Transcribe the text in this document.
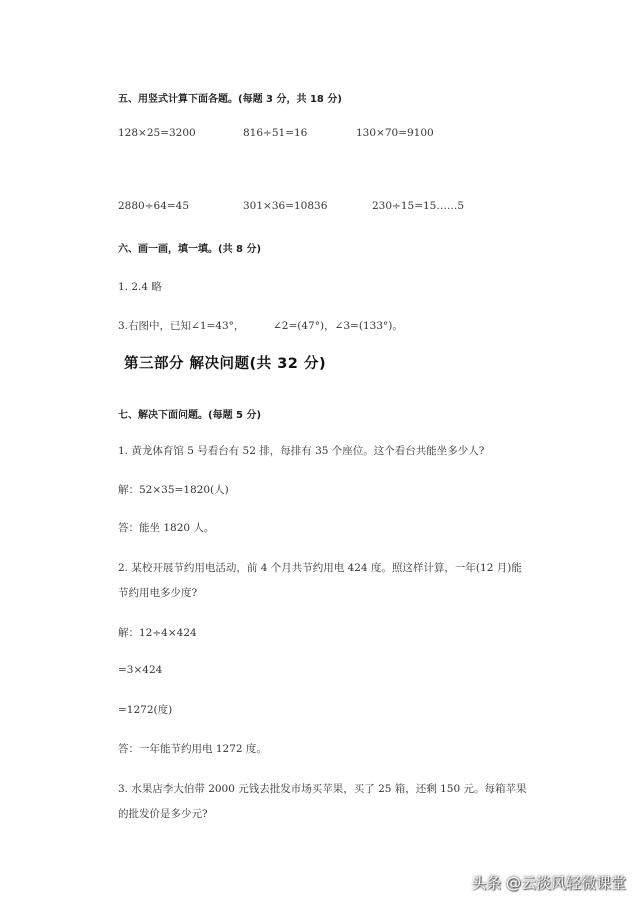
五、用竖式计算下面各题。(每题 3 分，共 18 分)
128×25=3200	816÷51=16	130×70=9100
2880÷64=45	301×36=10836	230÷15=15……5
六、画一画，填一填。(共 8 分)
1. 2.4 略
3.右图中，已知∠1=43°，	∠2=(47°)，∠3=(133°)。
第三部分 解决问题(共 32 分)
七、解决下面问题。(每题 5 分)
1. 黄龙体育馆 5 号看台有 52 排，每排有 35 个座位。这个看台共能坐多少人?
解：52×35=1820(人)
答：能坐 1820 人。
2. 某校开展节约用电活动，前 4 个月共节约用电 424 度。照这样计算，一年(12 月)能
节约用电多少度?
解：12÷4×424
=3×424
=1272(度)
答：一年能节约用电 1272 度。
3. 水果店李大伯带 2000 元钱去批发市场买苹果，买了 25 箱，还剩 150 元。每箱苹果
的批发价是多少元?
头条 @云淡风轻微课堂
